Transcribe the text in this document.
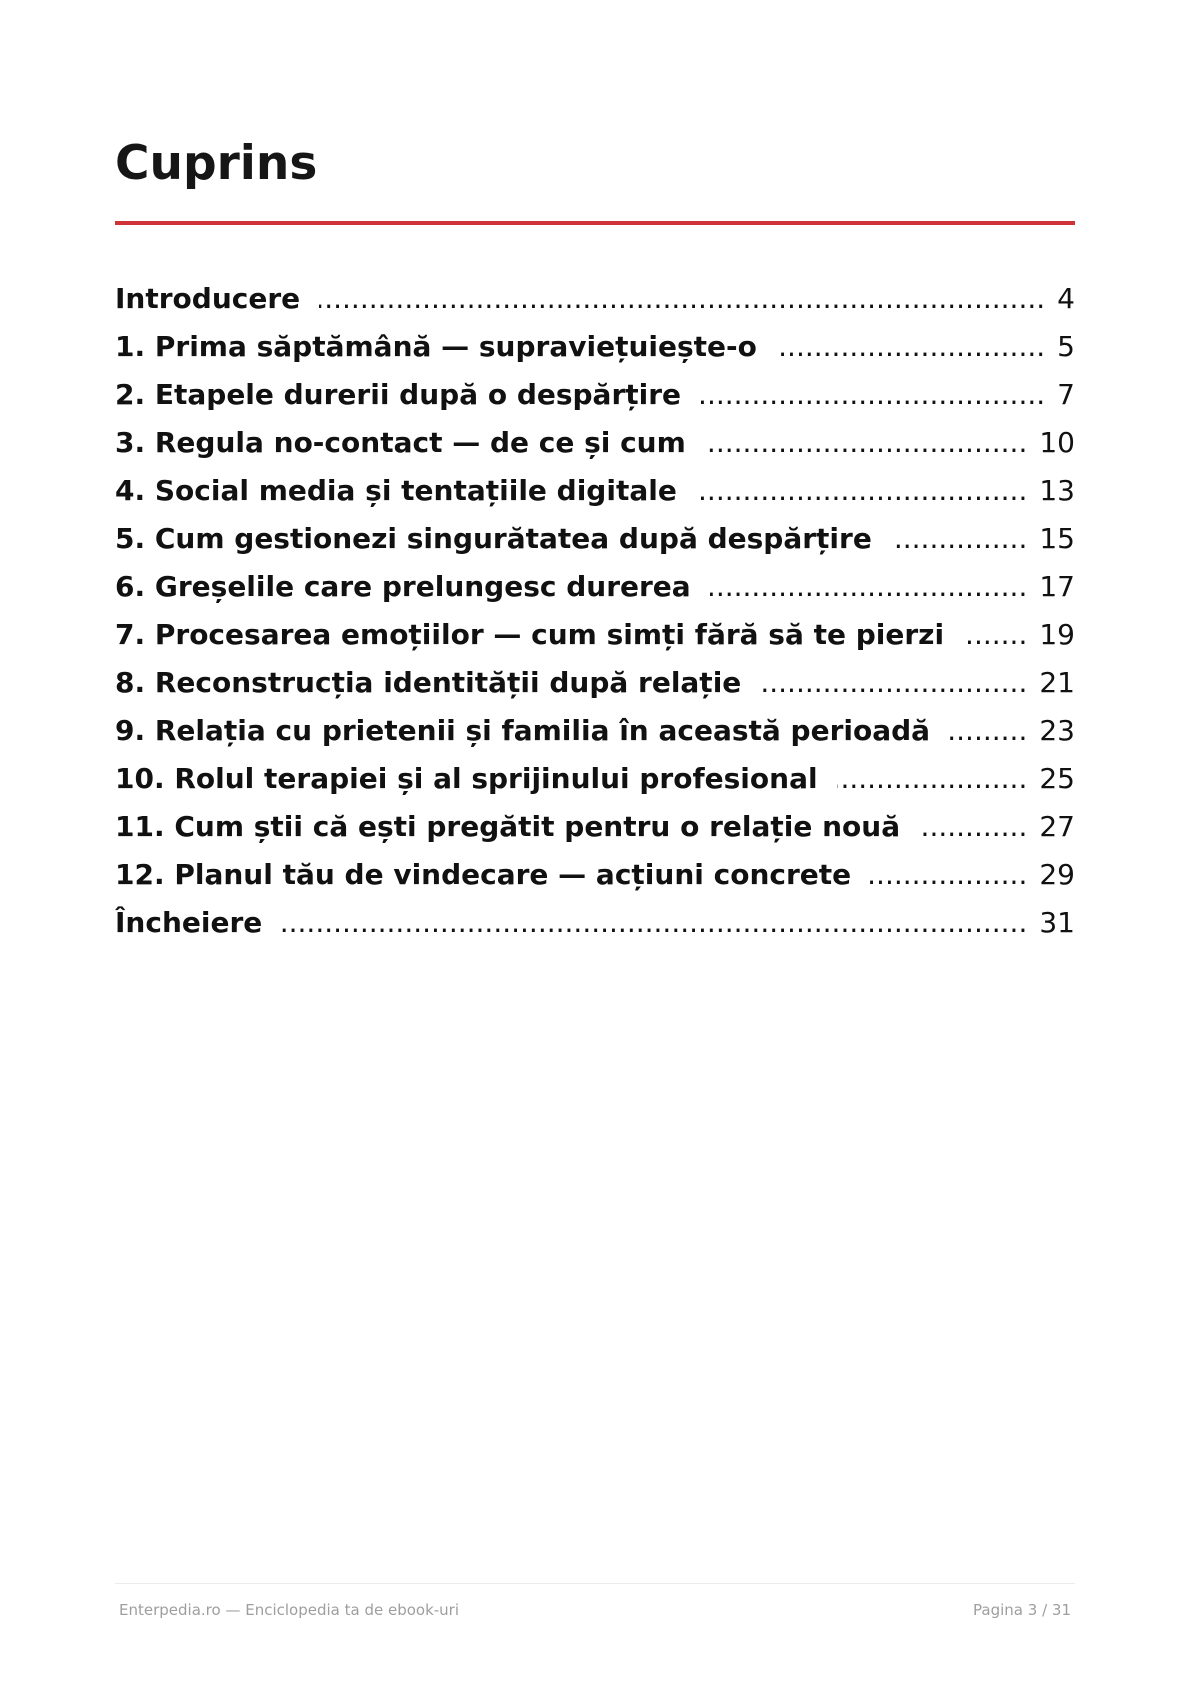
Cuprins
Introducere .....	4
1. Prima săptămână — supraviețuiește-o .....	5
2. Etapele durerii după o despărțire .....	7
3. Regula no-contact — de ce și cum .....	10
4. Social media și tentațiile digitale .....	13
5. Cum gestionezi singurătatea după despărțire .....	15
6. Greșelile care prelungesc durerea .....	17
7. Procesarea emoțiilor — cum simți fără să te pierzi .....	19
8. Reconstrucția identității după relație .....	21
9. Relația cu prietenii și familia în această perioadă .....	23
10. Rolul terapiei și al sprijinului profesional .....	25
11. Cum știi că ești pregătit pentru o relație nouă .....	27
12. Planul tău de vindecare — acțiuni concrete .....	29
Încheiere .....	31
Enterpedia.ro — Enciclopedia ta de ebook-uri	Pagina 3 / 31
